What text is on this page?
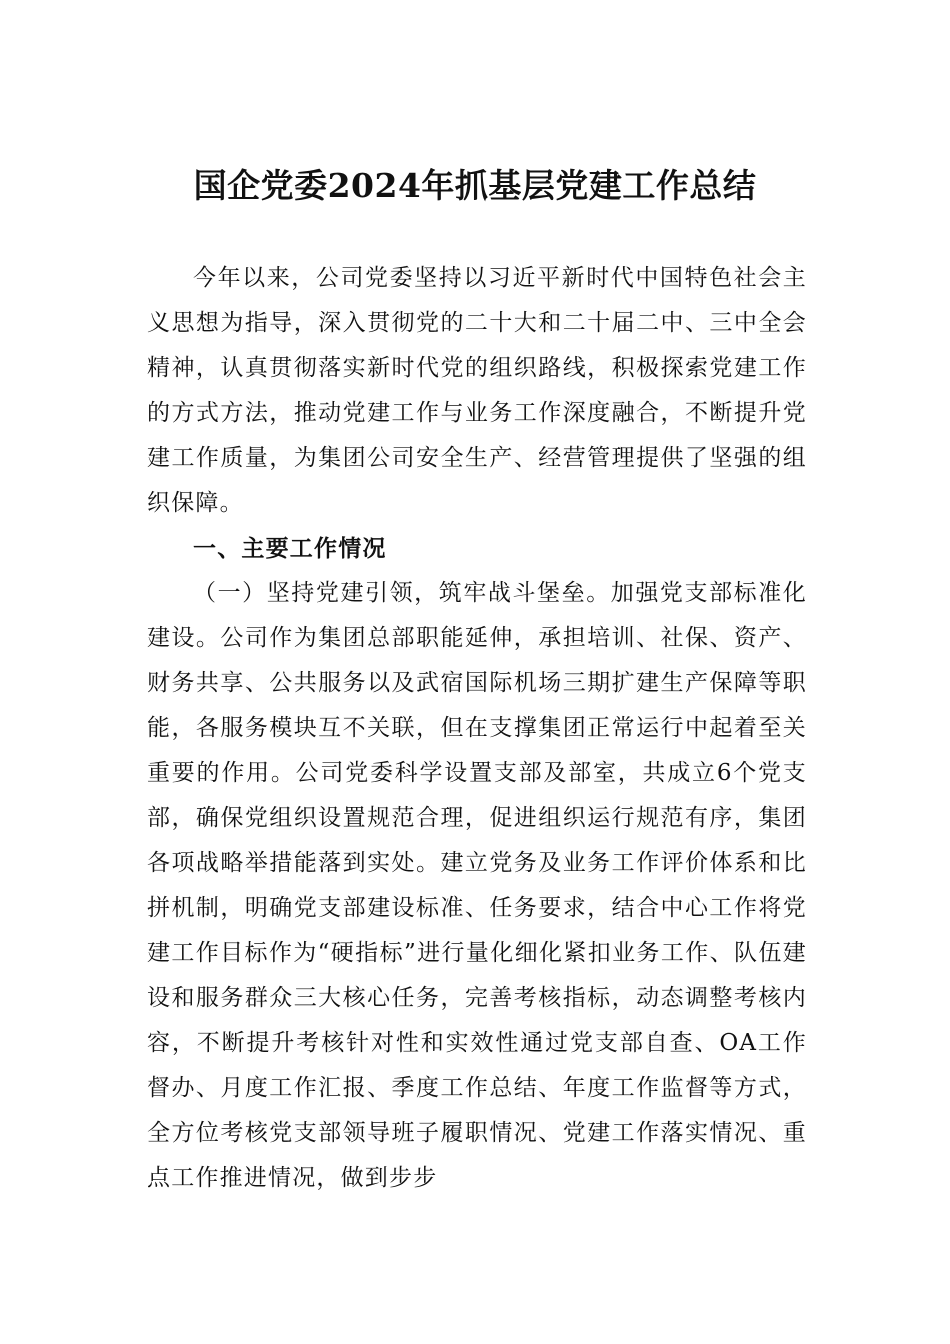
国企党委2024年抓基层党建工作总结

今年以来，公司党委坚持以习近平新时代中国特色社会主义思想为指导，深入贯彻党的二十大和二十届二中、三中全会精神，认真贯彻落实新时代党的组织路线，积极探索党建工作的方式方法，推动党建工作与业务工作深度融合，不断提升党建工作质量，为集团公司安全生产、经营管理提供了坚强的组织保障。

一、主要工作情况

（一）坚持党建引领，筑牢战斗堡垒。加强党支部标准化建设。公司作为集团总部职能延伸，承担培训、社保、资产、财务共享、公共服务以及武宿国际机场三期扩建生产保障等职能，各服务模块互不关联，但在支撑集团正常运行中起着至关重要的作用。公司党委科学设置支部及部室，共成立6个党支部，确保党组织设置规范合理，促进组织运行规范有序，集团各项战略举措能落到实处。建立党务及业务工作评价体系和比拼机制，明确党支部建设标准、任务要求，结合中心工作将党建工作目标作为“硬指标”进行量化细化紧扣业务工作、队伍建设和服务群众三大核心任务，完善考核指标，动态调整考核内容，不断提升考核针对性和实效性通过党支部自查、OA工作督办、月度工作汇报、季度工作总结、年度工作监督等方式，全方位考核党支部领导班子履职情况、党建工作落实情况、重点工作推进情况，做到步步
